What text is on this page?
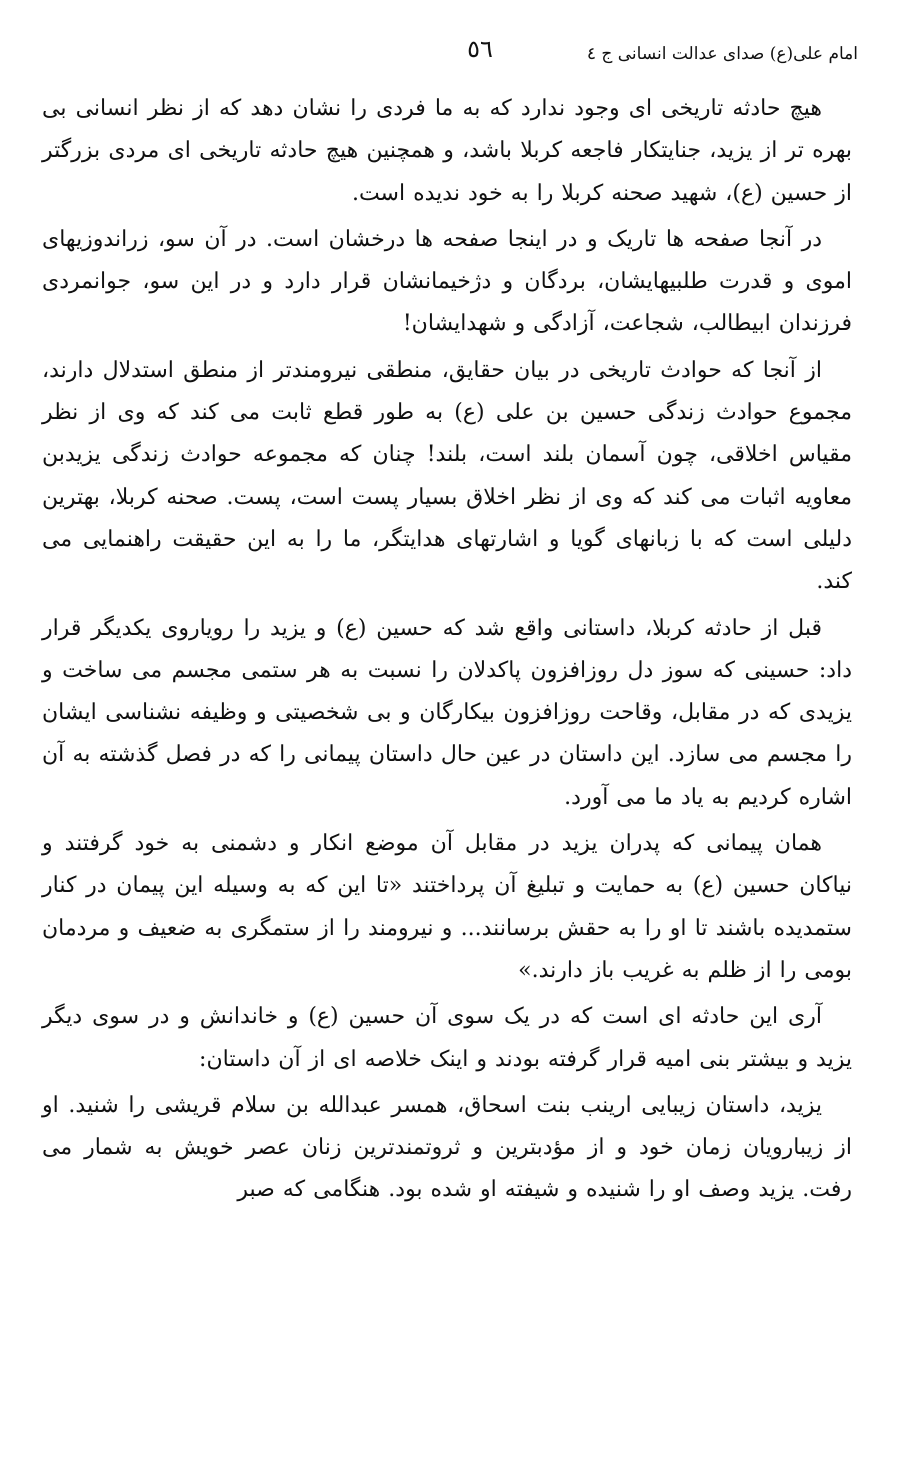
امام علی(ع) صدای عدالت انسانی ج ٤
٥٦

هیچ حادثه تاریخی ای وجود ندارد که به ما فردی را نشان دهد که از نظر انسانی بی بهره تر از یزید، جنایتکار فاجعه کربلا باشد، و همچنین هیچ حادثه تاریخی ای مردی بزرگتر از حسین (ع)، شهید صحنه کربلا را به خود ندیده است.

در آنجا صفحه ها تاریک و در اینجا صفحه ها درخشان است. در آن سو، زراندوزیهای اموی و قدرت طلبیهایشان، بردگان و دژخیمانشان قرار دارد و در این سو، جوانمردی فرزندان ابیطالب، شجاعت، آزادگی و شهدایشان!

از آنجا که حوادث تاریخی در بیان حقایق، منطقی نیرومندتر از منطق استدلال دارند، مجموع حوادث زندگی حسین بن علی (ع) به طور قطع ثابت می کند که وی از نظر مقیاس اخلاقی، چون آسمان بلند است، بلند! چنان که مجموعه حوادث زندگی یزیدبن معاویه اثبات می کند که وی از نظر اخلاق بسیار پست است، پست. صحنه کربلا، بهترین دلیلی است که با زبانهای گویا و اشارتهای هدایتگر، ما را به این حقیقت راهنمایی می کند.

قبل از حادثه کربلا، داستانی واقع شد که حسین (ع) و یزید را رویاروی یکدیگر قرار داد: حسینی که سوز دل روزافزون پاکدلان را نسبت به هر ستمی مجسم می ساخت و یزیدی که در مقابل، وقاحت روزافزون بیکارگان و بی شخصیتی و وظیفه نشناسی ایشان را مجسم می سازد. این داستان در عین حال داستان پیمانی را که در فصل گذشته به آن اشاره کردیم به یاد ما می آورد.

همان پیمانی که پدران یزید در مقابل آن موضع انکار و دشمنی به خود گرفتند و نیاکان حسین (ع) به حمایت و تبلیغ آن پرداختند «تا این که به وسیله این پیمان در کنار ستمدیده باشند تا او را به حقش برسانند... و نیرومند را از ستمگری به ضعیف و مردمان بومی را از ظلم به غریب باز دارند.»

آری این حادثه ای است که در یک سوی آن حسین (ع) و خاندانش و در سوی دیگر یزید و بیشتر بنی امیه قرار گرفته بودند و اینک خلاصه ای از آن داستان:

یزید، داستان زیبایی ارینب بنت اسحاق، همسر عبدالله بن سلام قریشی را شنید. او از زیبارویان زمان خود و از مؤدبترین و ثروتمندترین زنان عصر خویش به شمار می رفت. یزید وصف او را شنیده و شیفته او شده بود. هنگامی که صبر
